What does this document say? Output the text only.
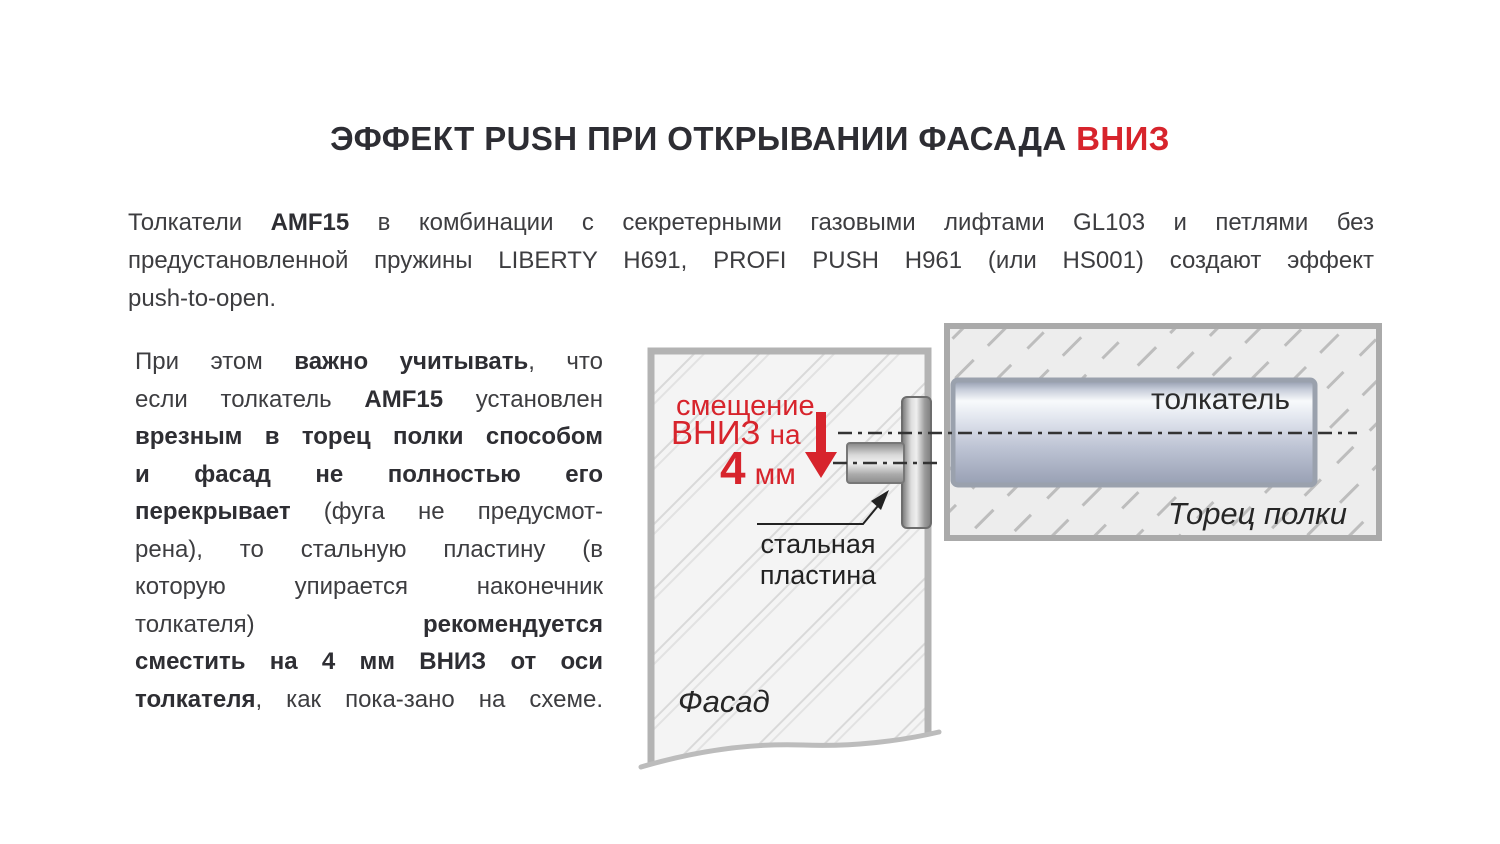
ЭФФЕКТ PUSH ПРИ ОТКРЫВАНИИ ФАСАДА ВНИЗ
Толкатели AMF15 в комбинации с секретерными газовыми лифтами GL103 и петлями без
предустановленной пружины LIBERTY H691, PROFI PUSH H961 (или HS001) создают эффект
push-to-open.
При этом важно учитывать, что
если толкатель AMF15 установлен
врезным в торец полки способом
и фасад не полностью его
перекрывает (фуга не предусмот-
рена), то стальную пластину (в
которую упирается наконечник
толкателя) рекомендуется
сместить на 4 мм ВНИЗ от оси
толкателя, как пока-зано на схеме.
смещение
ВНИЗ на
4 мм
толкатель
Торец полки
стальная
пластина
Фасад
